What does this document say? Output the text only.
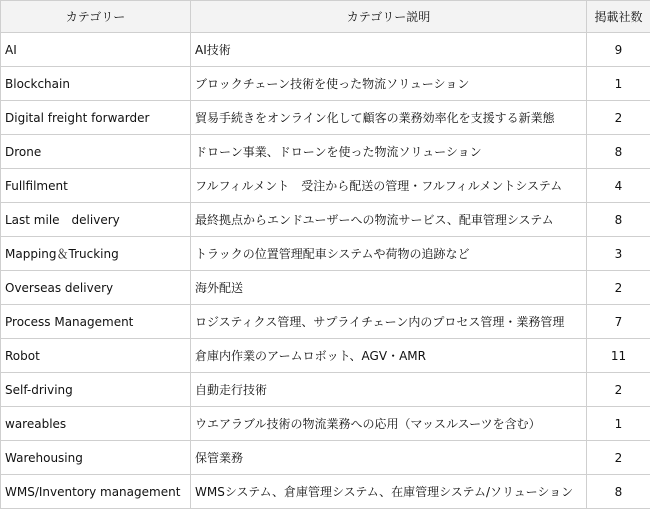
カテゴリー	カテゴリー説明	掲載社数
AI	AI技術	9
Blockchain	ブロックチェーン技術を使った物流ソリューション	1
Digital freight forwarder	貿易手続きをオンライン化して顧客の業務効率化を支援する新業態	2
Drone	ドローン事業、ドローンを使った物流ソリューション	8
Fullfilment	フルフィルメント　受注から配送の管理・フルフィルメントシステム	4
Last mile　delivery	最終拠点からエンドユーザーへの物流サービス、配車管理システム	8
Mapping＆Trucking	トラックの位置管理配車システムや荷物の追跡など	3
Overseas delivery	海外配送	2
Process Management	ロジスティクス管理、サプライチェーン内のプロセス管理・業務管理	7
Robot	倉庫内作業のアームロボット、AGV・AMR	11
Self-driving	自動走行技術	2
wareables	ウエアラブル技術の物流業務への応用（マッスルスーツを含む）	1
Warehousing	保管業務	2
WMS/Inventory management	WMSシステム、倉庫管理システム、在庫管理システム/ソリューション	8
